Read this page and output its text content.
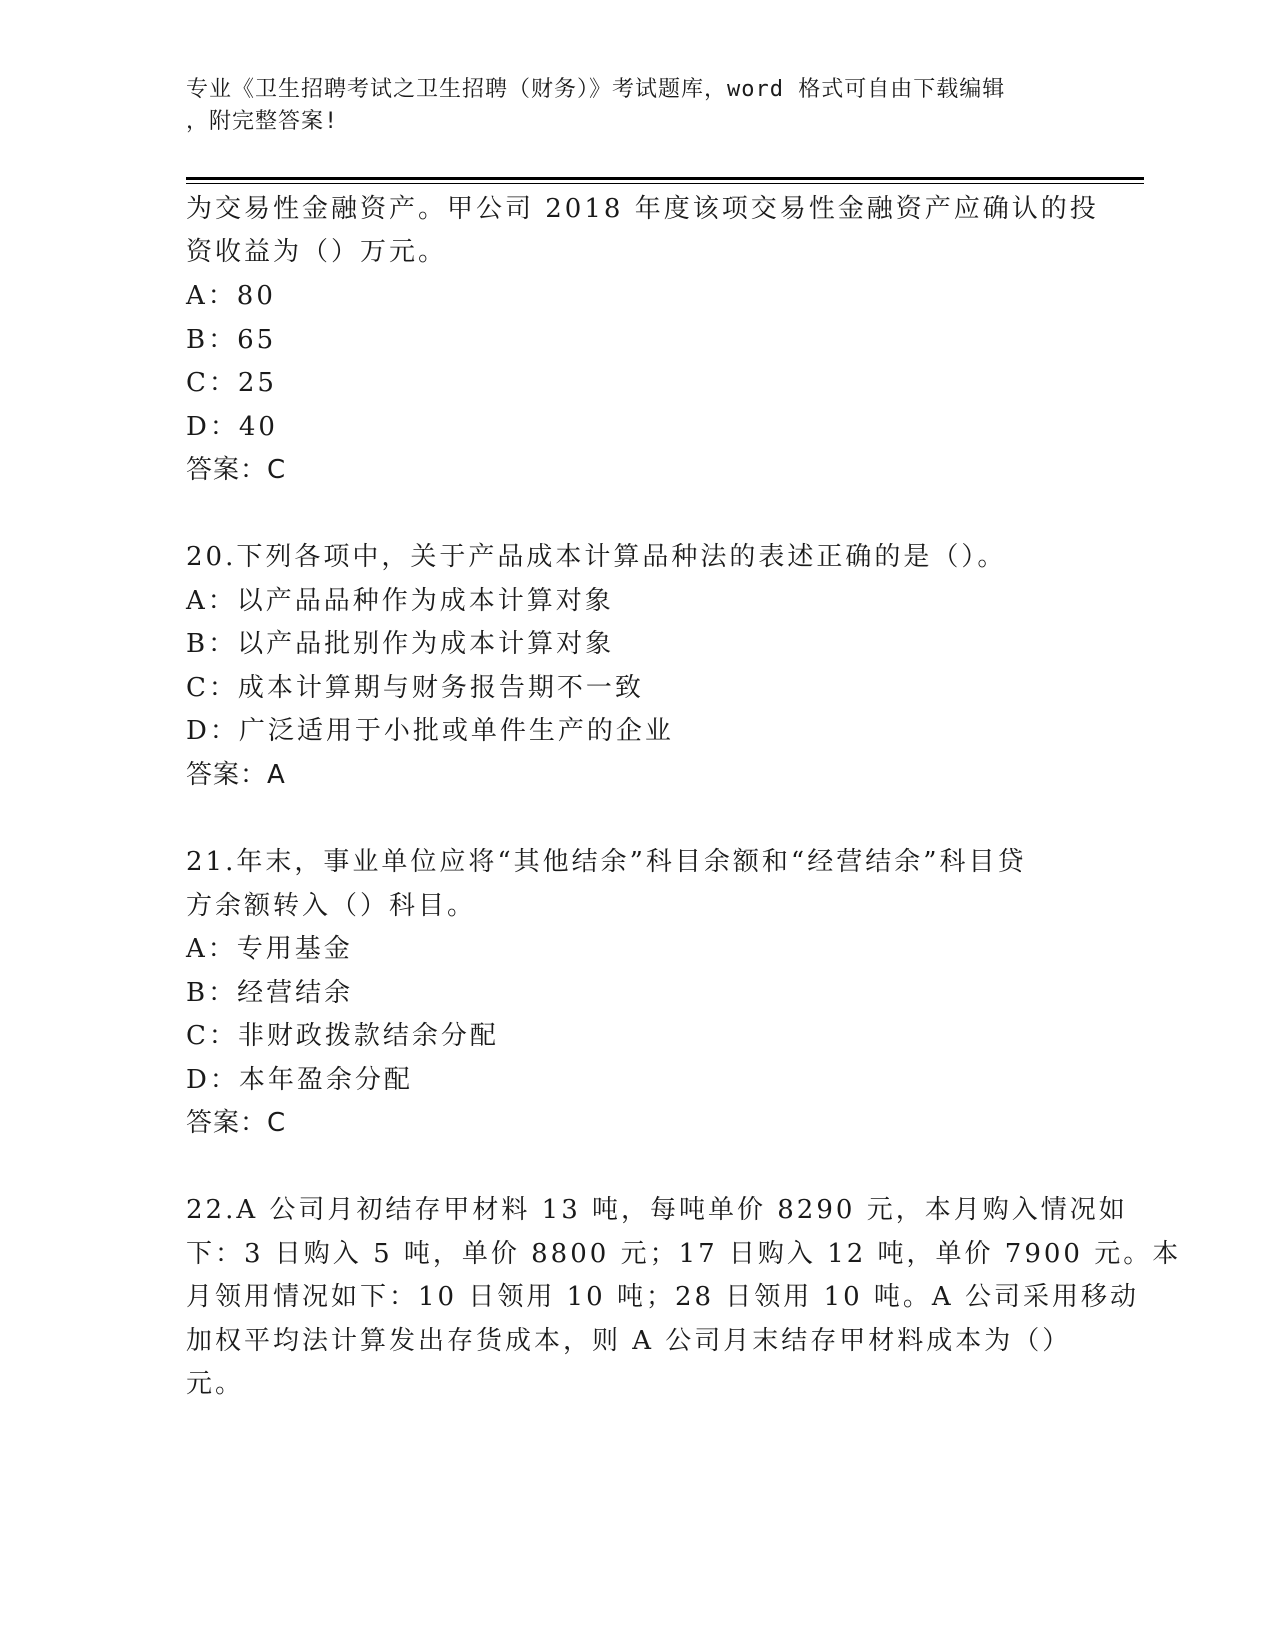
专业《卫生招聘考试之卫生招聘（财务）》考试题库，word 格式可自由下载编辑
，附完整答案!
为交易性金融资产。甲公司 2018 年度该项交易性金融资产应确认的投
资收益为（）万元。
A：80
B：65
C：25
D：40
答案：C
20.下列各项中，关于产品成本计算品种法的表述正确的是（）。
A：以产品品种作为成本计算对象
B：以产品批别作为成本计算对象
C：成本计算期与财务报告期不一致
D：广泛适用于小批或单件生产的企业
答案：A
21.年末，事业单位应将“其他结余”科目余额和“经营结余”科目贷
方余额转入（）科目。
A：专用基金
B：经营结余
C：非财政拨款结余分配
D：本年盈余分配
答案：C
22.A 公司月初结存甲材料 13 吨，每吨单价 8290 元，本月购入情况如
下：3 日购入 5 吨，单价 8800 元；17 日购入 12 吨，单价 7900 元。本
月领用情况如下：10 日领用 10 吨；28 日领用 10 吨。A 公司采用移动
加权平均法计算发出存货成本，则 A 公司月末结存甲材料成本为（）
元。
